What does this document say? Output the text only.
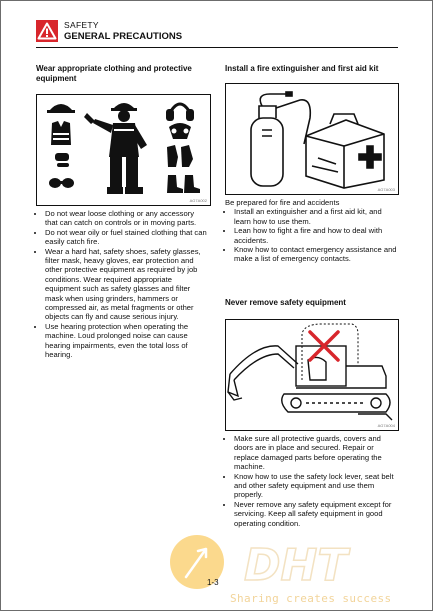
SAFETY
GENERAL PRECAUTIONS

Wear appropriate clothing and protective equipment

AG7A002
• Do not wear loose clothing or any accessory that can catch on controls or in moving parts.
• Do not wear oily or fuel stained clothing that can easily catch fire.
• Wear a hard hat, safety shoes, safety glasses, filter mask, heavy gloves, ear protection and other protective equipment as required by job conditions. Wear required appropriate equipment such as safety glasses and filter mask when using grinders, hammers or compressed air, as metal fragments or other objects can fly and cause serious injury.
• Use hearing protection when operating the machine. Loud prolonged noise can cause hearing impairments, even the total loss of hearing.

Install a fire extinguisher and first aid kit

AG7A003

Be prepared for fire and accidents

• Install an extinguisher and a first aid kit, and learn how to use them.
• Lean how to fight a fire and how to deal with accidents.
• Know how to contact emergency assistance and make a list of emergency contacts.

Never remove safety equipment

AG7A004
• Make sure all protective guards, covers and doors are in place and secured. Repair or replace damaged parts before operating the machine.
• Know how to use the safety lock lever, seat belt and other safety equipment and use them properly.
• Never remove any safety equipment except for servicing. Keep all safety equipment in good operating condition.
DHT
1-3
Sharing creates success
